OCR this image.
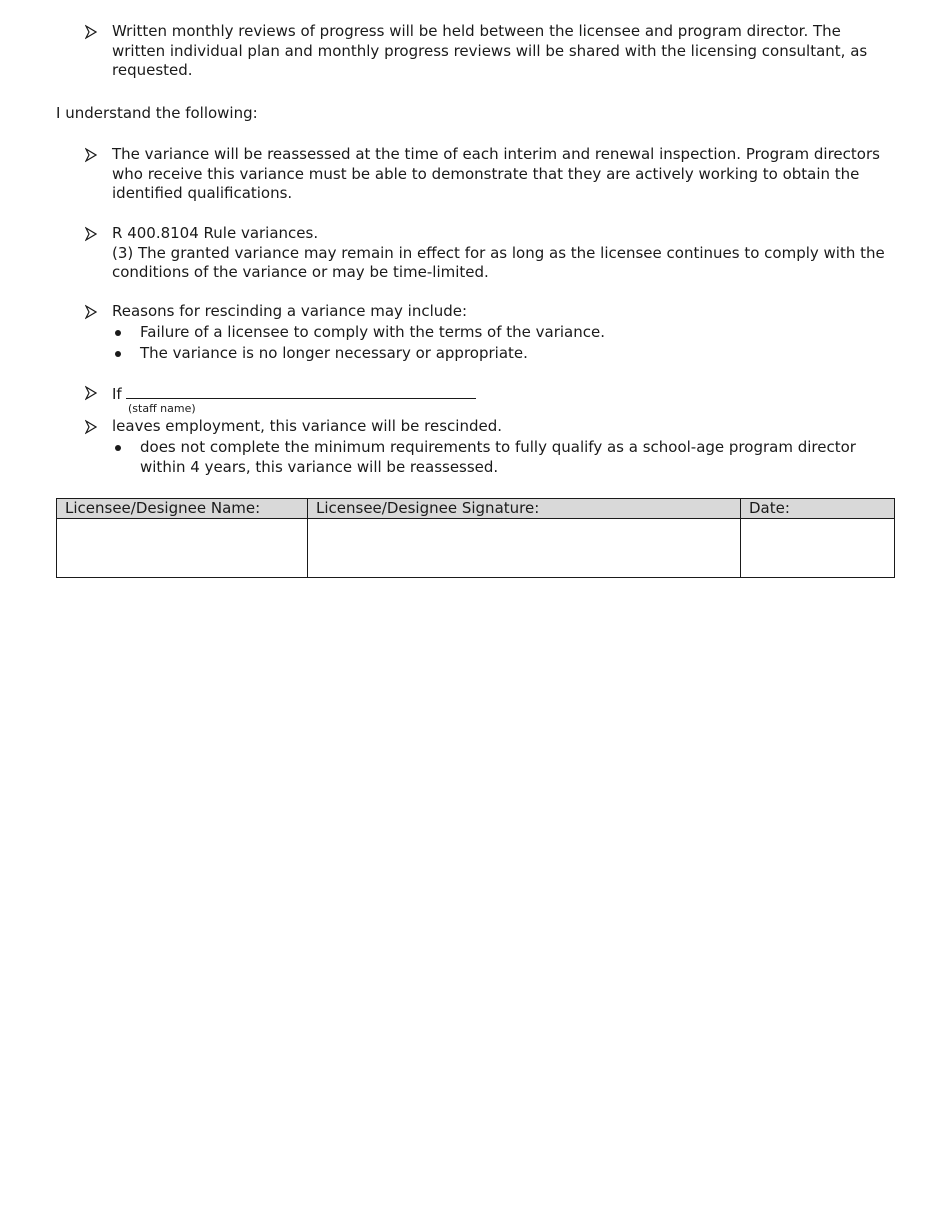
Written monthly reviews of progress will be held between the licensee and program director. The written individual plan and monthly progress reviews will be shared with the licensing consultant, as requested.
I understand the following:
The variance will be reassessed at the time of each interim and renewal inspection. Program directors who receive this variance must be able to demonstrate that they are actively working to obtain the identified qualifications.
R 400.8104 Rule variances.
(3) The granted variance may remain in effect for as long as the licensee continues to comply with the conditions of the variance or may be time-limited.
Reasons for rescinding a variance may include:
Failure of a licensee to comply with the terms of the variance.
The variance is no longer necessary or appropriate.
If
(staff name)
leaves employment, this variance will be rescinded.
does not complete the minimum requirements to fully qualify as a school-age program director within 4 years, this variance will be reassessed.
Licensee/Designee Name:	Licensee/Designee Signature:	Date:
